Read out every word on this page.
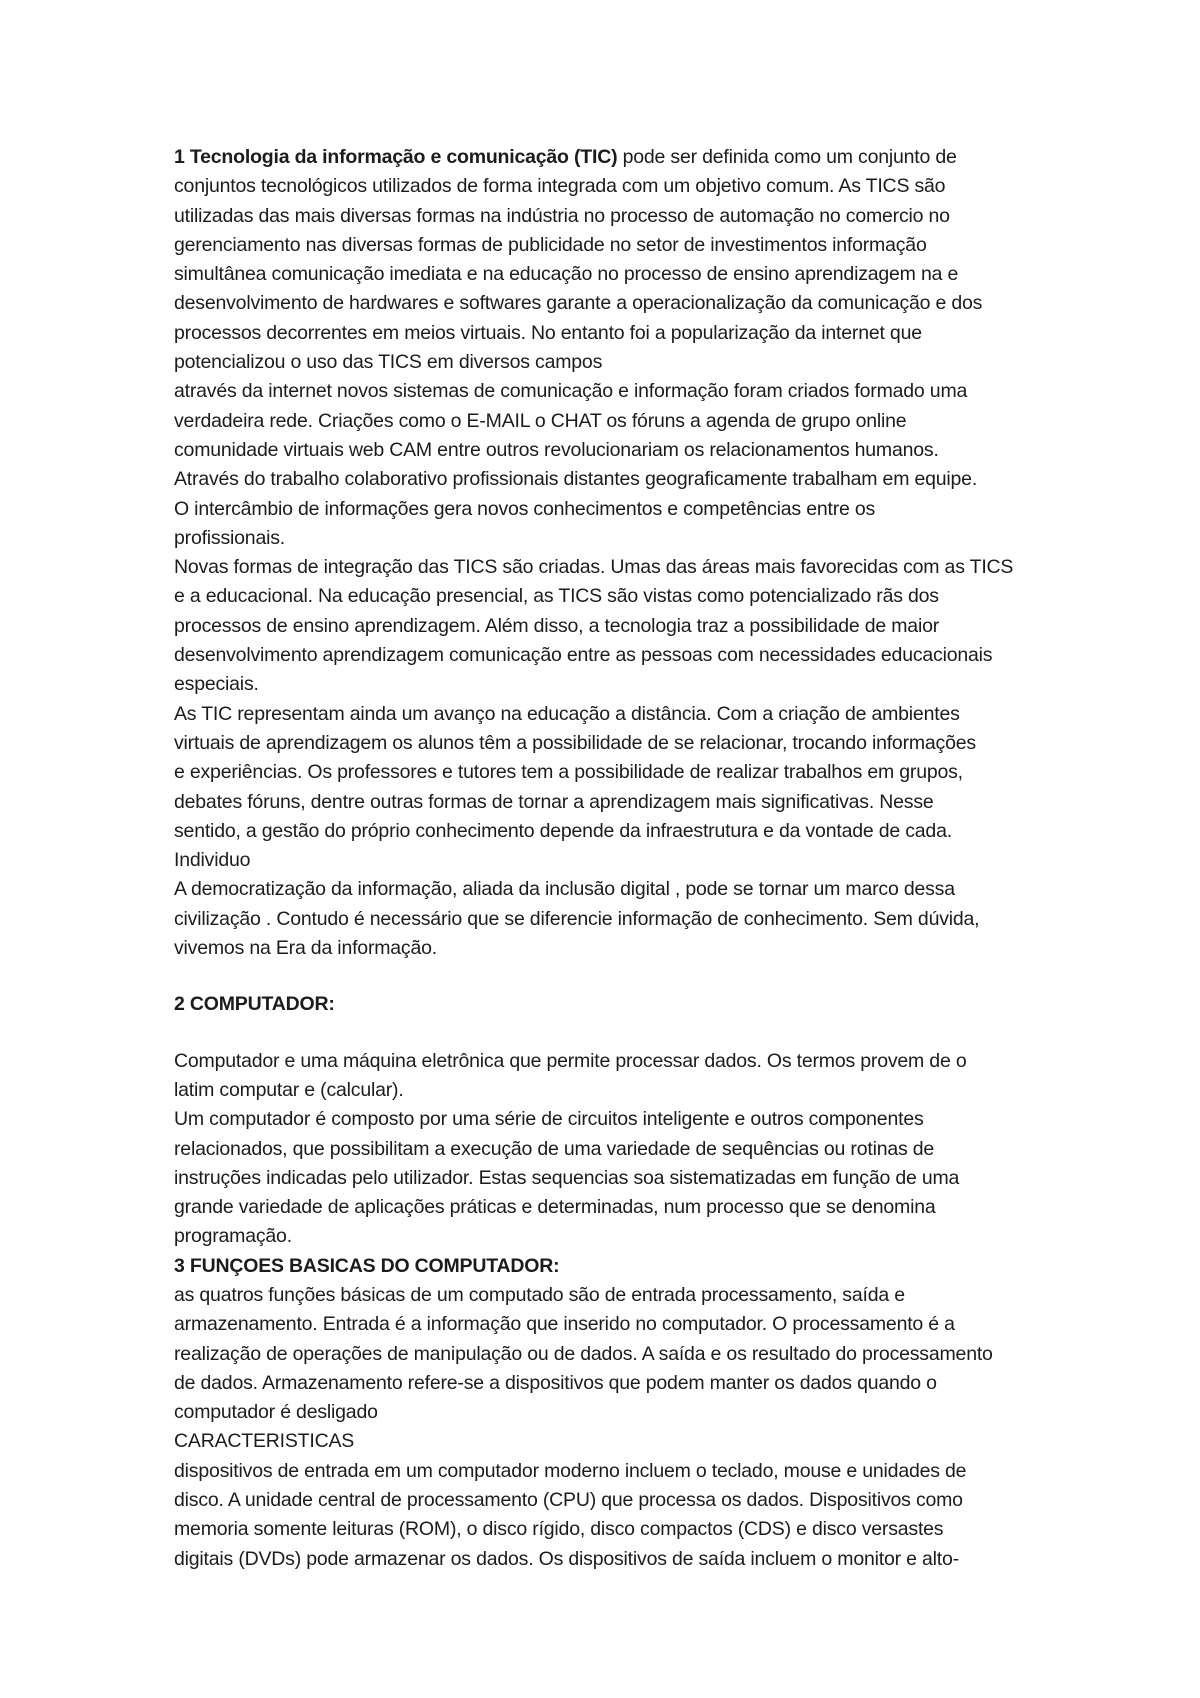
1 Tecnologia da informação e comunicação (TIC) pode ser definida como um conjunto de
conjuntos tecnológicos utilizados de forma integrada com um objetivo comum. As TICS são
utilizadas das mais diversas formas na indústria no processo de automação no comercio no
gerenciamento nas diversas formas de publicidade no setor de investimentos informação
simultânea comunicação imediata e na educação no processo de ensino aprendizagem na e
desenvolvimento de hardwares e softwares garante a operacionalização da comunicação e dos
processos decorrentes em meios virtuais. No entanto foi a popularização da internet que
potencializou o uso das TICS em diversos campos
através da internet novos sistemas de comunicação e informação foram criados formado uma
verdadeira rede. Criações como o E-MAIL o CHAT os fóruns a agenda de grupo online
comunidade virtuais web CAM entre outros revolucionariam os relacionamentos humanos.
Através do trabalho colaborativo profissionais distantes geograficamente trabalham em equipe.
O intercâmbio de informações gera novos conhecimentos e competências entre os
profissionais.
Novas formas de integração das TICS são criadas. Umas das áreas mais favorecidas com as TICS
e a educacional. Na educação presencial, as TICS são vistas como potencializado rãs dos
processos de ensino aprendizagem. Além disso, a tecnologia traz a possibilidade de maior
desenvolvimento aprendizagem comunicação entre as pessoas com necessidades educacionais
especiais.
As TIC representam ainda um avanço na educação a distância. Com a criação de ambientes
virtuais de aprendizagem os alunos têm a possibilidade de se relacionar, trocando informações
e experiências. Os professores e tutores tem a possibilidade de realizar trabalhos em grupos,
debates fóruns, dentre outras formas de tornar a aprendizagem mais significativas. Nesse
sentido, a gestão do próprio conhecimento depende da infraestrutura e da vontade de cada.
Individuo
A democratização da informação, aliada da inclusão digital , pode se tornar um marco dessa
civilização . Contudo é necessário que se diferencie informação de conhecimento. Sem dúvida,
vivemos na Era da informação.

2 COMPUTADOR:

Computador e uma máquina eletrônica que permite processar dados. Os termos provem de o
latim computar e (calcular).
Um computador é composto por uma série de circuitos inteligente e outros componentes
relacionados, que possibilitam a execução de uma variedade de sequências ou rotinas de
instruções indicadas pelo utilizador. Estas sequencias soa sistematizadas em função de uma
grande variedade de aplicações práticas e determinadas, num processo que se denomina
programação.

3 FUNÇOES BASICAS DO COMPUTADOR:
as quatros funções básicas de um computado são de entrada processamento, saída e
armazenamento. Entrada é a informação que inserido no computador. O processamento é a
realização de operações de manipulação ou de dados. A saída e os resultado do processamento
de dados. Armazenamento refere-se a dispositivos que podem manter os dados quando o
computador é desligado
CARACTERISTICAS
dispositivos de entrada em um computador moderno incluem o teclado, mouse e unidades de
disco. A unidade central de processamento (CPU) que processa os dados. Dispositivos como
memoria somente leituras (ROM), o disco rígido, disco compactos (CDS) e disco versastes
digitais (DVDs) pode armazenar os dados. Os dispositivos de saída incluem o monitor e alto-
